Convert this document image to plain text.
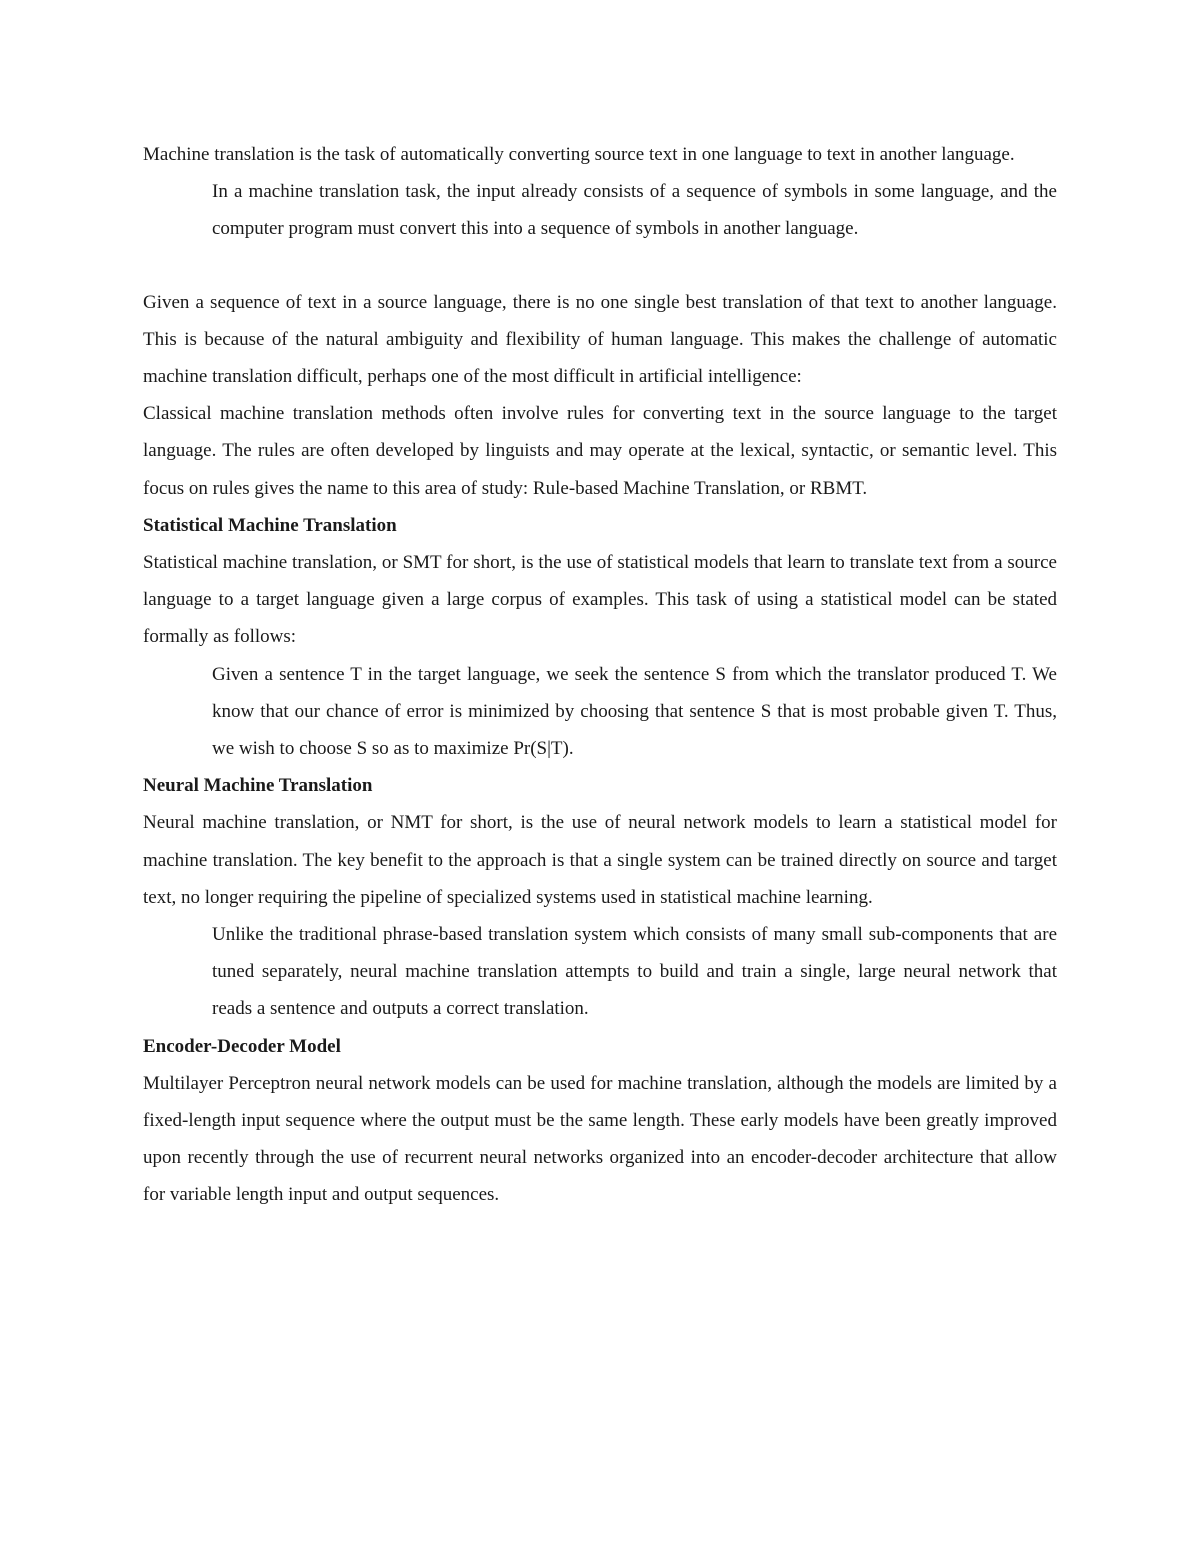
Machine translation is the task of automatically converting source text in one language to text in another language.

In a machine translation task, the input already consists of a sequence of symbols in some language, and the computer program must convert this into a sequence of symbols in another language.

Given a sequence of text in a source language, there is no one single best translation of that text to another language. This is because of the natural ambiguity and flexibility of human language. This makes the challenge of automatic machine translation difficult, perhaps one of the most difficult in artificial intelligence:

Classical machine translation methods often involve rules for converting text in the source language to the target language. The rules are often developed by linguists and may operate at the lexical, syntactic, or semantic level. This focus on rules gives the name to this area of study: Rule-based Machine Translation, or RBMT.

Statistical Machine Translation

Statistical machine translation, or SMT for short, is the use of statistical models that learn to translate text from a source language to a target language given a large corpus of examples. This task of using a statistical model can be stated formally as follows:

Given a sentence T in the target language, we seek the sentence S from which the translator produced T. We know that our chance of error is minimized by choosing that sentence S that is most probable given T. Thus, we wish to choose S so as to maximize Pr(S|T).

Neural Machine Translation

Neural machine translation, or NMT for short, is the use of neural network models to learn a statistical model for machine translation. The key benefit to the approach is that a single system can be trained directly on source and target text, no longer requiring the pipeline of specialized systems used in statistical machine learning.

Unlike the traditional phrase-based translation system which consists of many small sub-components that are tuned separately, neural machine translation attempts to build and train a single, large neural network that reads a sentence and outputs a correct translation.

Encoder-Decoder Model

Multilayer Perceptron neural network models can be used for machine translation, although the models are limited by a fixed-length input sequence where the output must be the same length. These early models have been greatly improved upon recently through the use of recurrent neural networks organized into an encoder-decoder architecture that allow for variable length input and output sequences.
